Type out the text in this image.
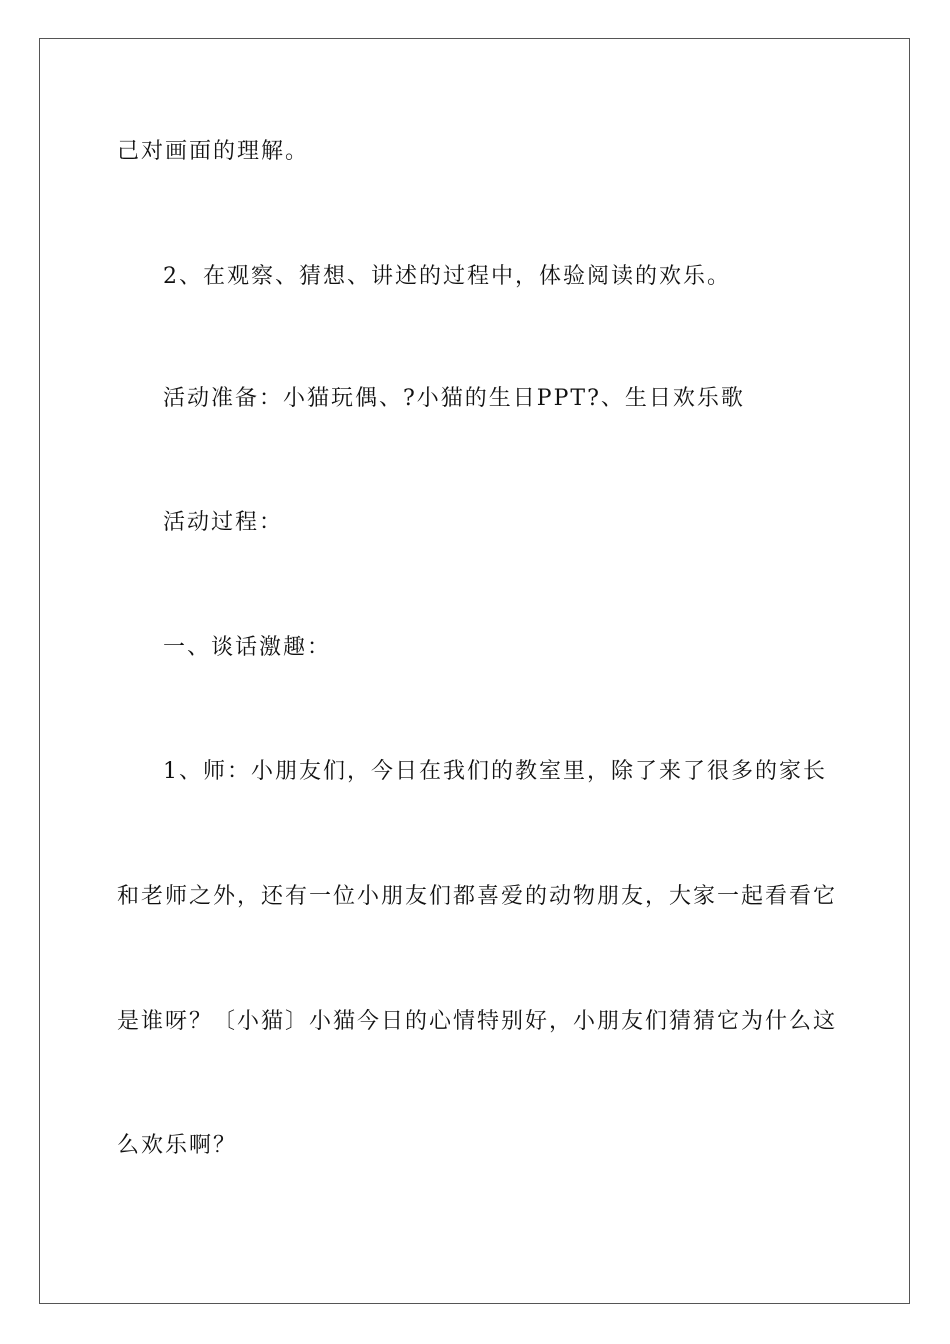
己对画面的理解。
2、在观察、猜想、讲述的过程中，体验阅读的欢乐。
活动准备：小猫玩偶、?小猫的生日PPT?、生日欢乐歌
活动过程：
一、谈话激趣：
1、师：小朋友们，今日在我们的教室里，除了来了很多的家长
和老师之外，还有一位小朋友们都喜爱的动物朋友，大家一起看看它
是谁呀？〔小猫〕小猫今日的心情特别好，小朋友们猜猜它为什么这
么欢乐啊？
